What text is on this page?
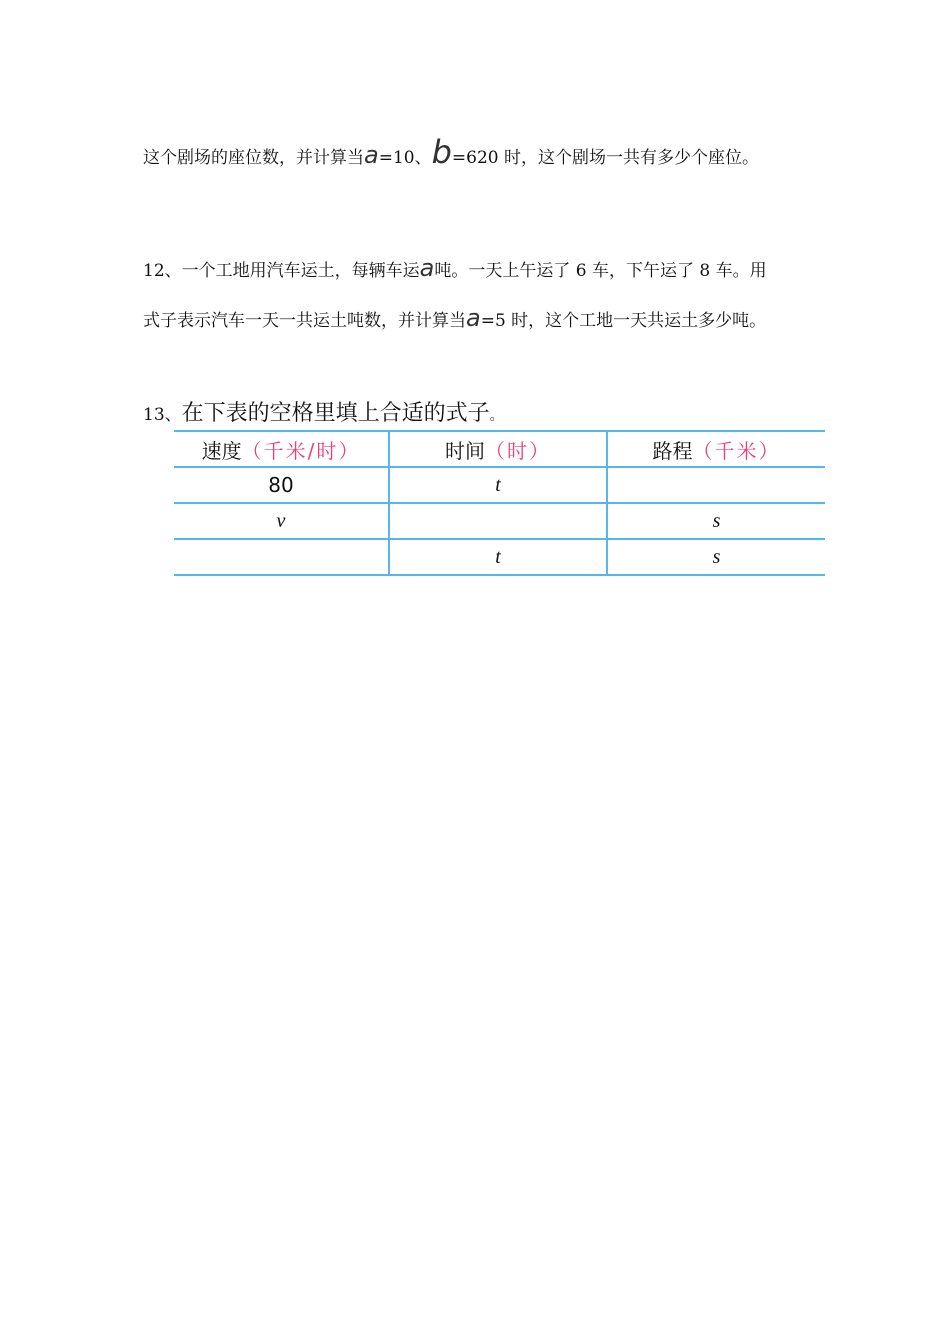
这个剧场的座位数，并计算当a=10、b=620 时，这个剧场一共有多少个座位。
12、一个工地用汽车运土，每辆车运a吨。一天上午运了 6 车，下午运了 8 车。用
式子表示汽车一天一共运土吨数，并计算当a=5 时，这个工地一天共运土多少吨。
13、在下表的空格里填上合适的式子。
速度（千米/时）	时间（时）	路程（千米）
80	t	
v		s
	t	s
